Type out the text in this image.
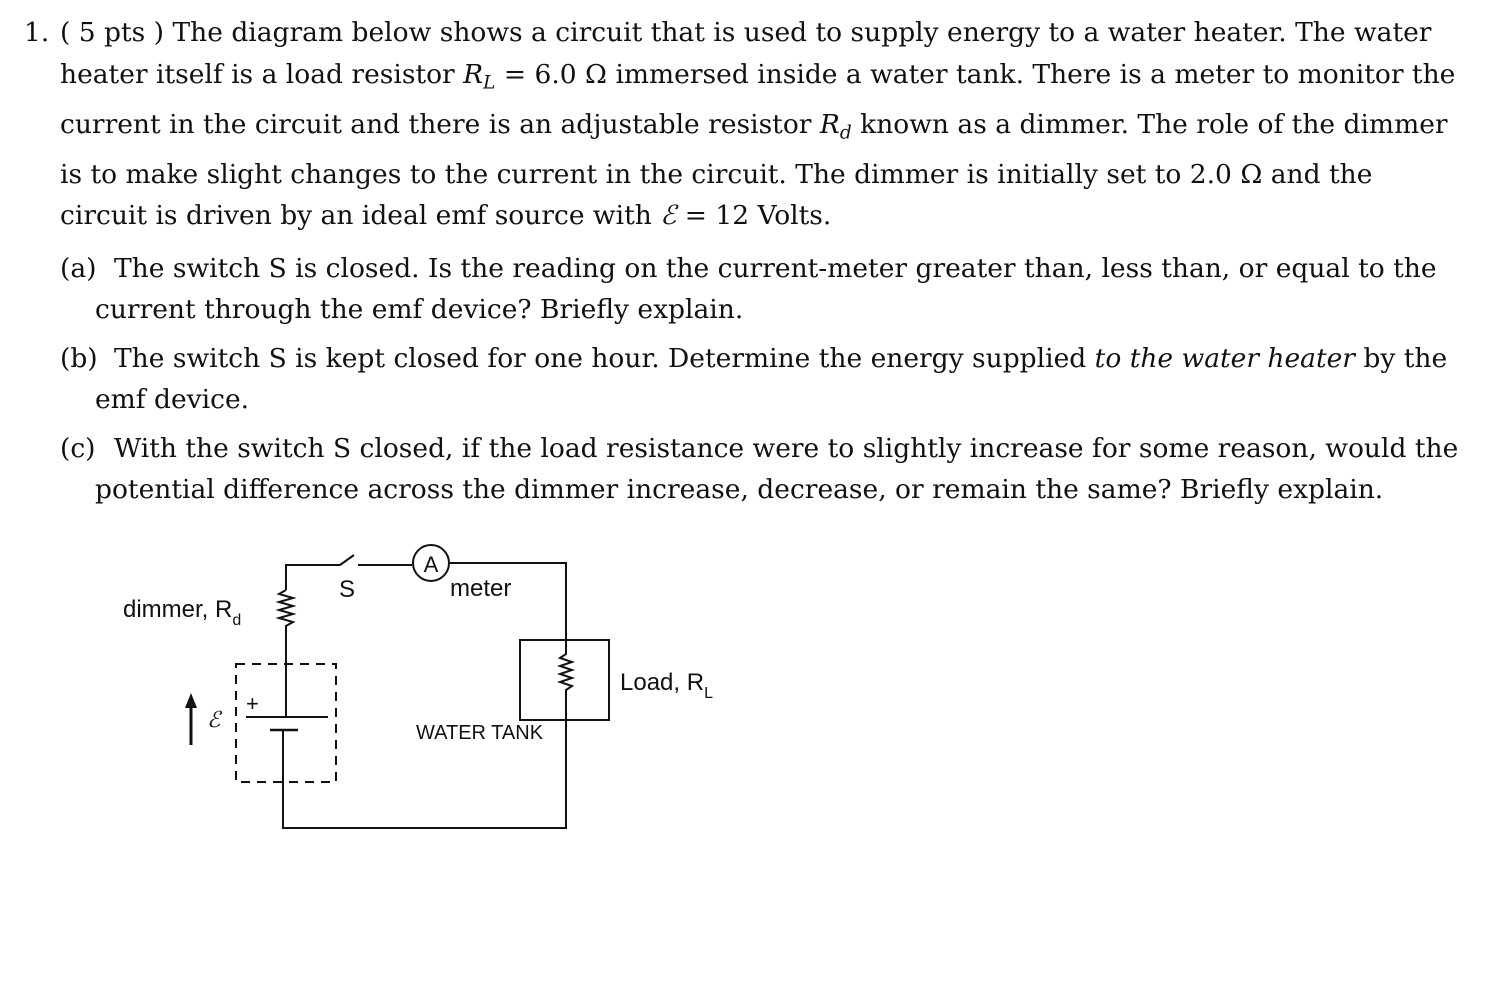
1. ( 5 pts ) The diagram below shows a circuit that is used to supply energy to a water heater. The water heater itself is a load resistor $R_L = 6.0$ Ω immersed inside a water tank. There is a meter to monitor the current in the circuit and there is an adjustable resistor $R_d$ known as a dimmer. The role of the dimmer is to make slight changes to the current in the circuit. The dimmer is initially set to 2.0 Ω and the circuit is driven by an ideal emf source with ℰ = 12 Volts.
(a) The switch S is closed. Is the reading on the current-meter greater than, less than, or equal to the current through the emf device? Briefly explain.
(b) The switch S is kept closed for one hour. Determine the energy supplied to the water heater by the emf device.
(c) With the switch S closed, if the load resistance were to slightly increase for some reason, would the potential difference across the dimmer increase, decrease, or remain the same? Briefly explain.
A
S	meter
dimmer, $R_d$
Load, $R_L$
WATER TANK
ℰ
+
